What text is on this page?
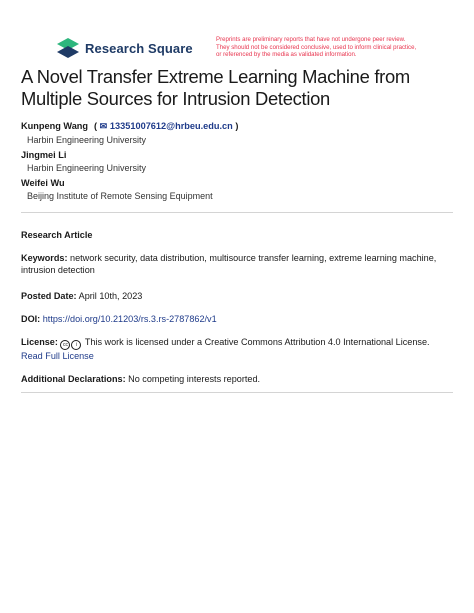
Research Square
Preprints are preliminary reports that have not undergone peer review.
They should not be considered conclusive, used to inform clinical practice,
or referenced by the media as validated information.
A Novel Transfer Extreme Learning Machine from Multiple Sources for Intrusion Detection
Kunpeng Wang ( ✉ 13351007612@hrbeu.edu.cn )
Harbin Engineering University
Jingmei Li
Harbin Engineering University
Weifei Wu
Beijing Institute of Remote Sensing Equipment
Research Article
Keywords: network security, data distribution, multisource transfer learning, extreme learning machine, intrusion detection
Posted Date: April 10th, 2023
DOI: https://doi.org/10.21203/rs.3.rs-2787862/v1
License: cc i This work is licensed under a Creative Commons Attribution 4.0 International License.
Read Full License
Additional Declarations: No competing interests reported.
